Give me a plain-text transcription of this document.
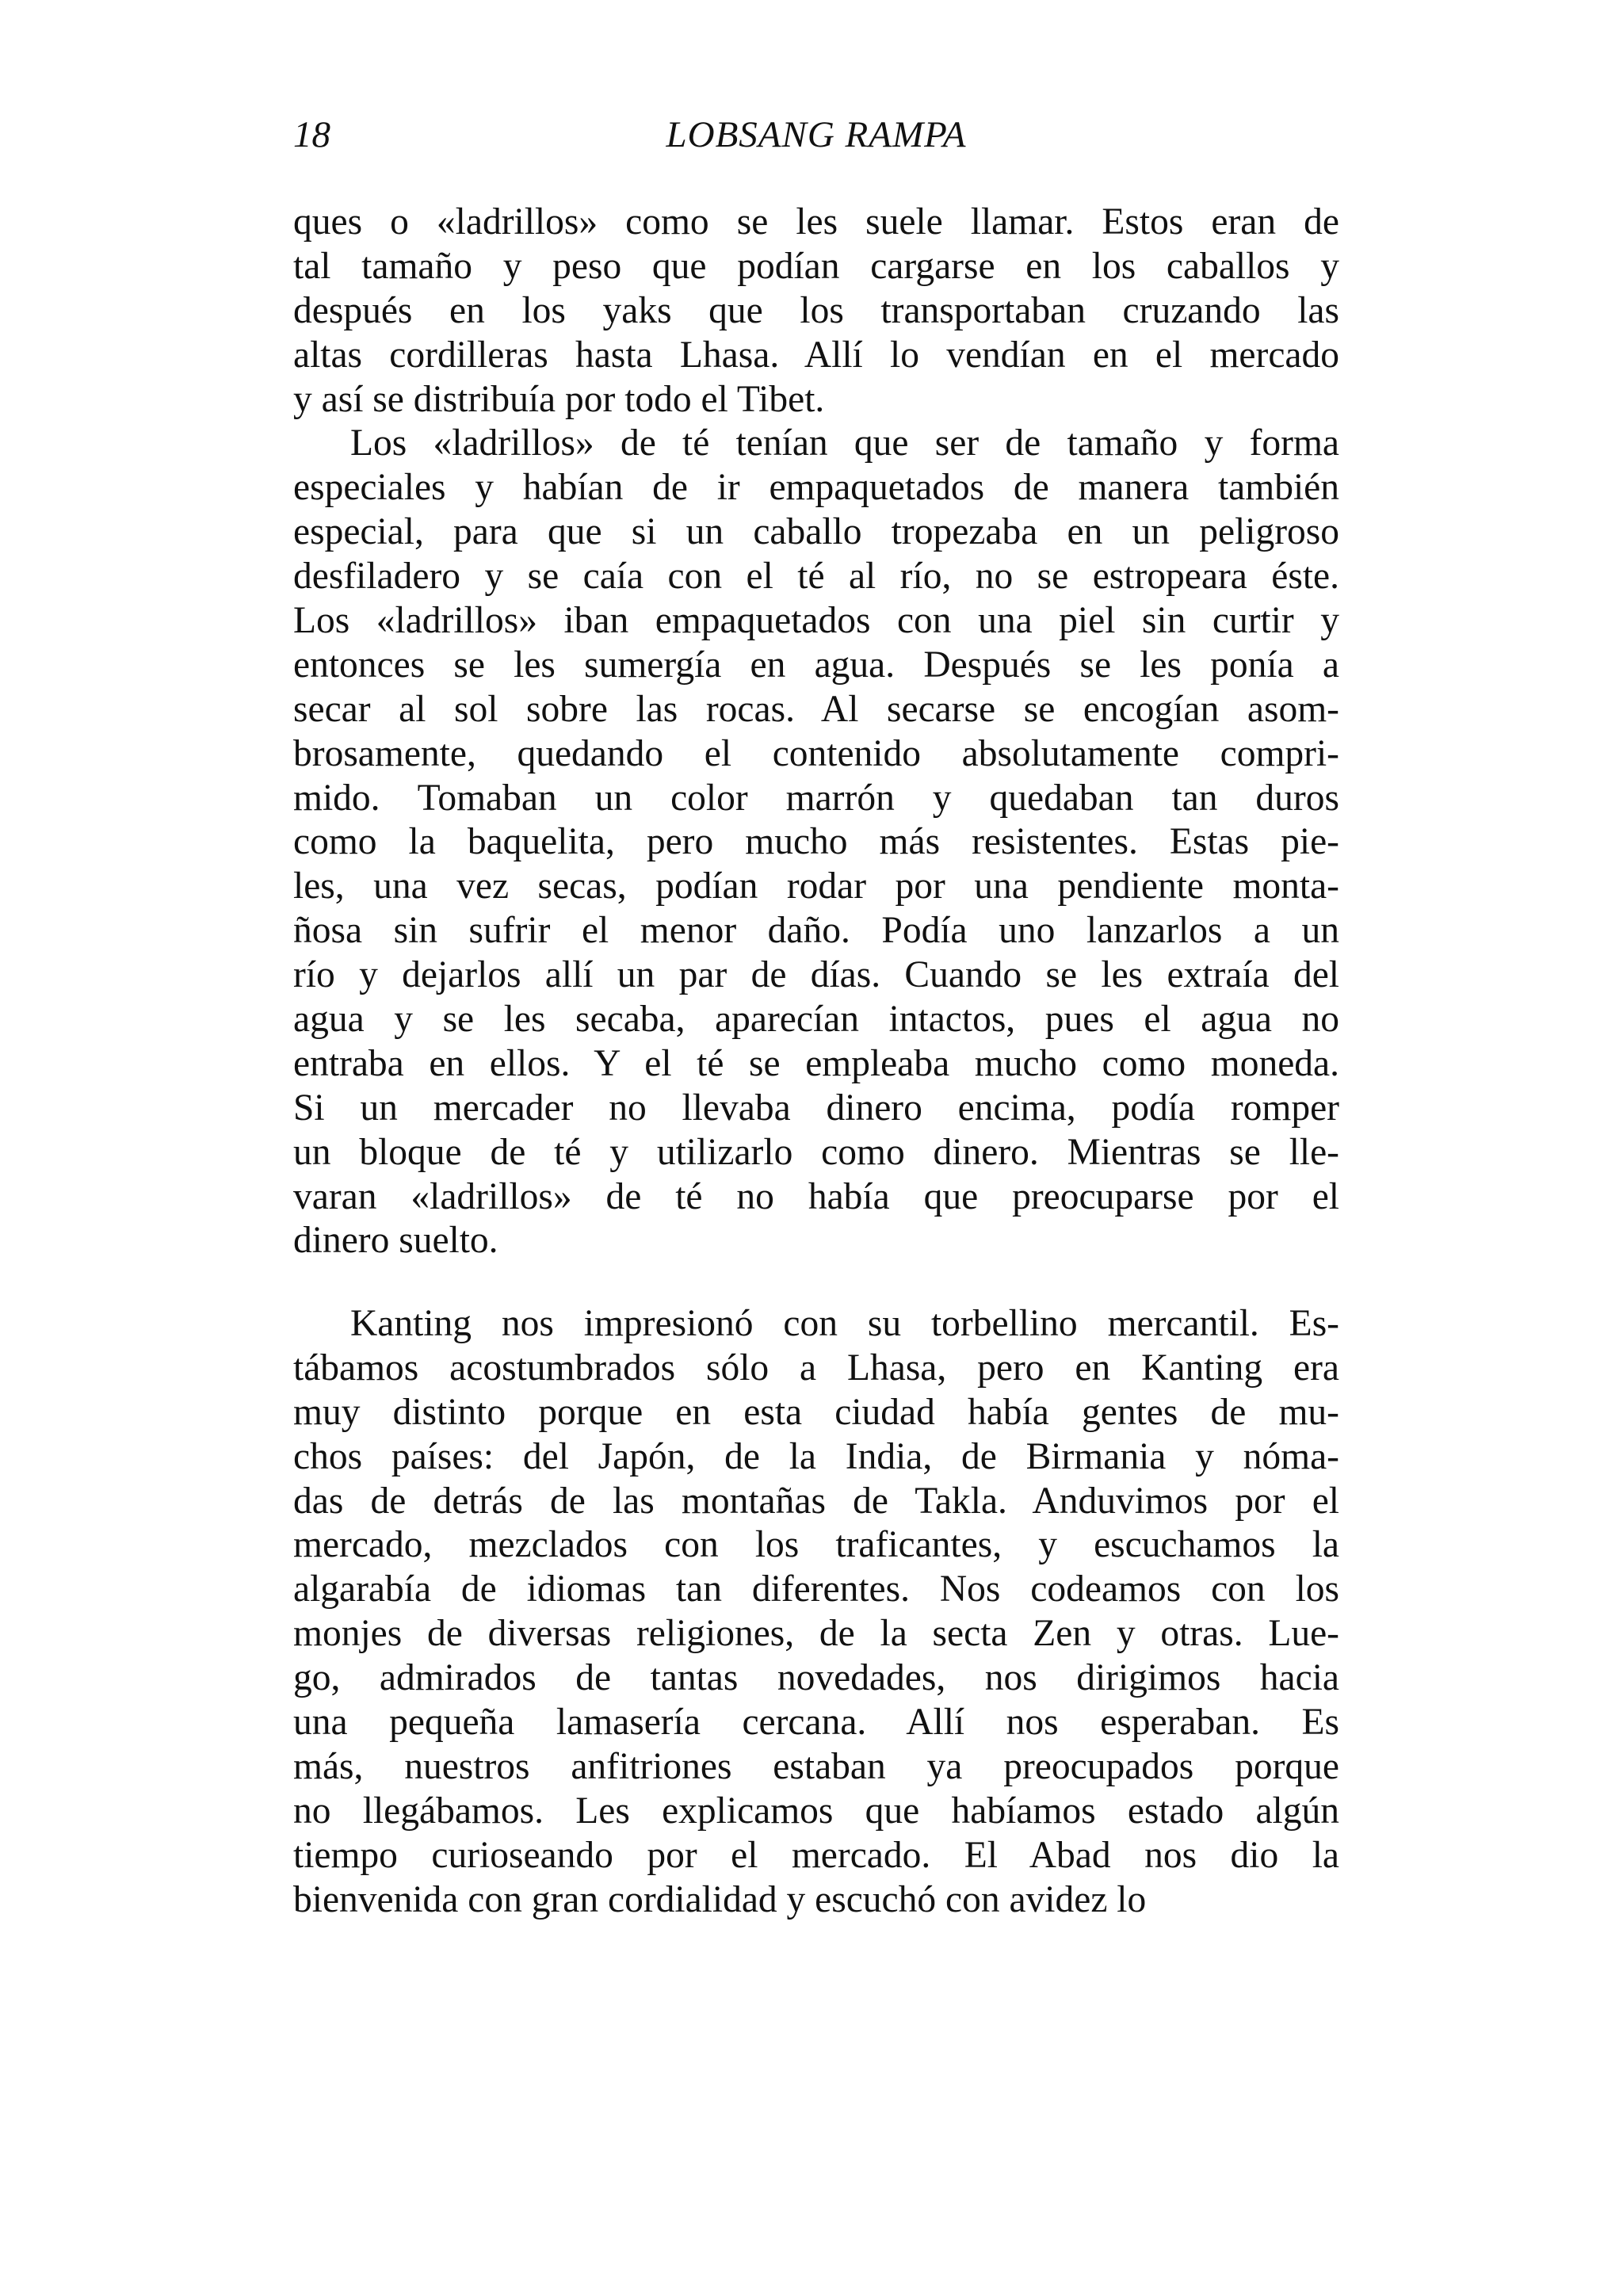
18	LOBSANG RAMPA
ques o «ladrillos» como se les suele llamar. Estos eran de
tal tamaño y peso que podían cargarse en los caballos y
después en los yaks que los transportaban cruzando las
altas cordilleras hasta Lhasa. Allí lo vendían en el mercado
y así se distribuía por todo el Tibet.
Los «ladrillos» de té tenían que ser de tamaño y forma
especiales y habían de ir empaquetados de manera también
especial, para que si un caballo tropezaba en un peligroso
desfiladero y se caía con el té al río, no se estropeara éste.
Los «ladrillos» iban empaquetados con una piel sin curtir y
entonces se les sumergía en agua. Después se les ponía a
secar al sol sobre las rocas. Al secarse se encogían asom-
brosamente, quedando el contenido absolutamente compri-
mido. Tomaban un color marrón y quedaban tan duros
como la baquelita, pero mucho más resistentes. Estas pie-
les, una vez secas, podían rodar por una pendiente monta-
ñosa sin sufrir el menor daño. Podía uno lanzarlos a un
río y dejarlos allí un par de días. Cuando se les extraía del
agua y se les secaba, aparecían intactos, pues el agua no
entraba en ellos. Y el té se empleaba mucho como moneda.
Si un mercader no llevaba dinero encima, podía romper
un bloque de té y utilizarlo como dinero. Mientras se lle-
varan «ladrillos» de té no había que preocuparse por el
dinero suelto.
Kanting nos impresionó con su torbellino mercantil. Es-
tábamos acostumbrados sólo a Lhasa, pero en Kanting era
muy distinto porque en esta ciudad había gentes de mu-
chos países: del Japón, de la India, de Birmania y nóma-
das de detrás de las montañas de Takla. Anduvimos por el
mercado, mezclados con los traficantes, y escuchamos la
algarabía de idiomas tan diferentes. Nos codeamos con los
monjes de diversas religiones, de la secta Zen y otras. Lue-
go, admirados de tantas novedades, nos dirigimos hacia
una pequeña lamasería cercana. Allí nos esperaban. Es
más, nuestros anfitriones estaban ya preocupados porque
no llegábamos. Les explicamos que habíamos estado algún
tiempo curioseando por el mercado. El Abad nos dio la
bienvenida con gran cordialidad y escuchó con avidez lo
